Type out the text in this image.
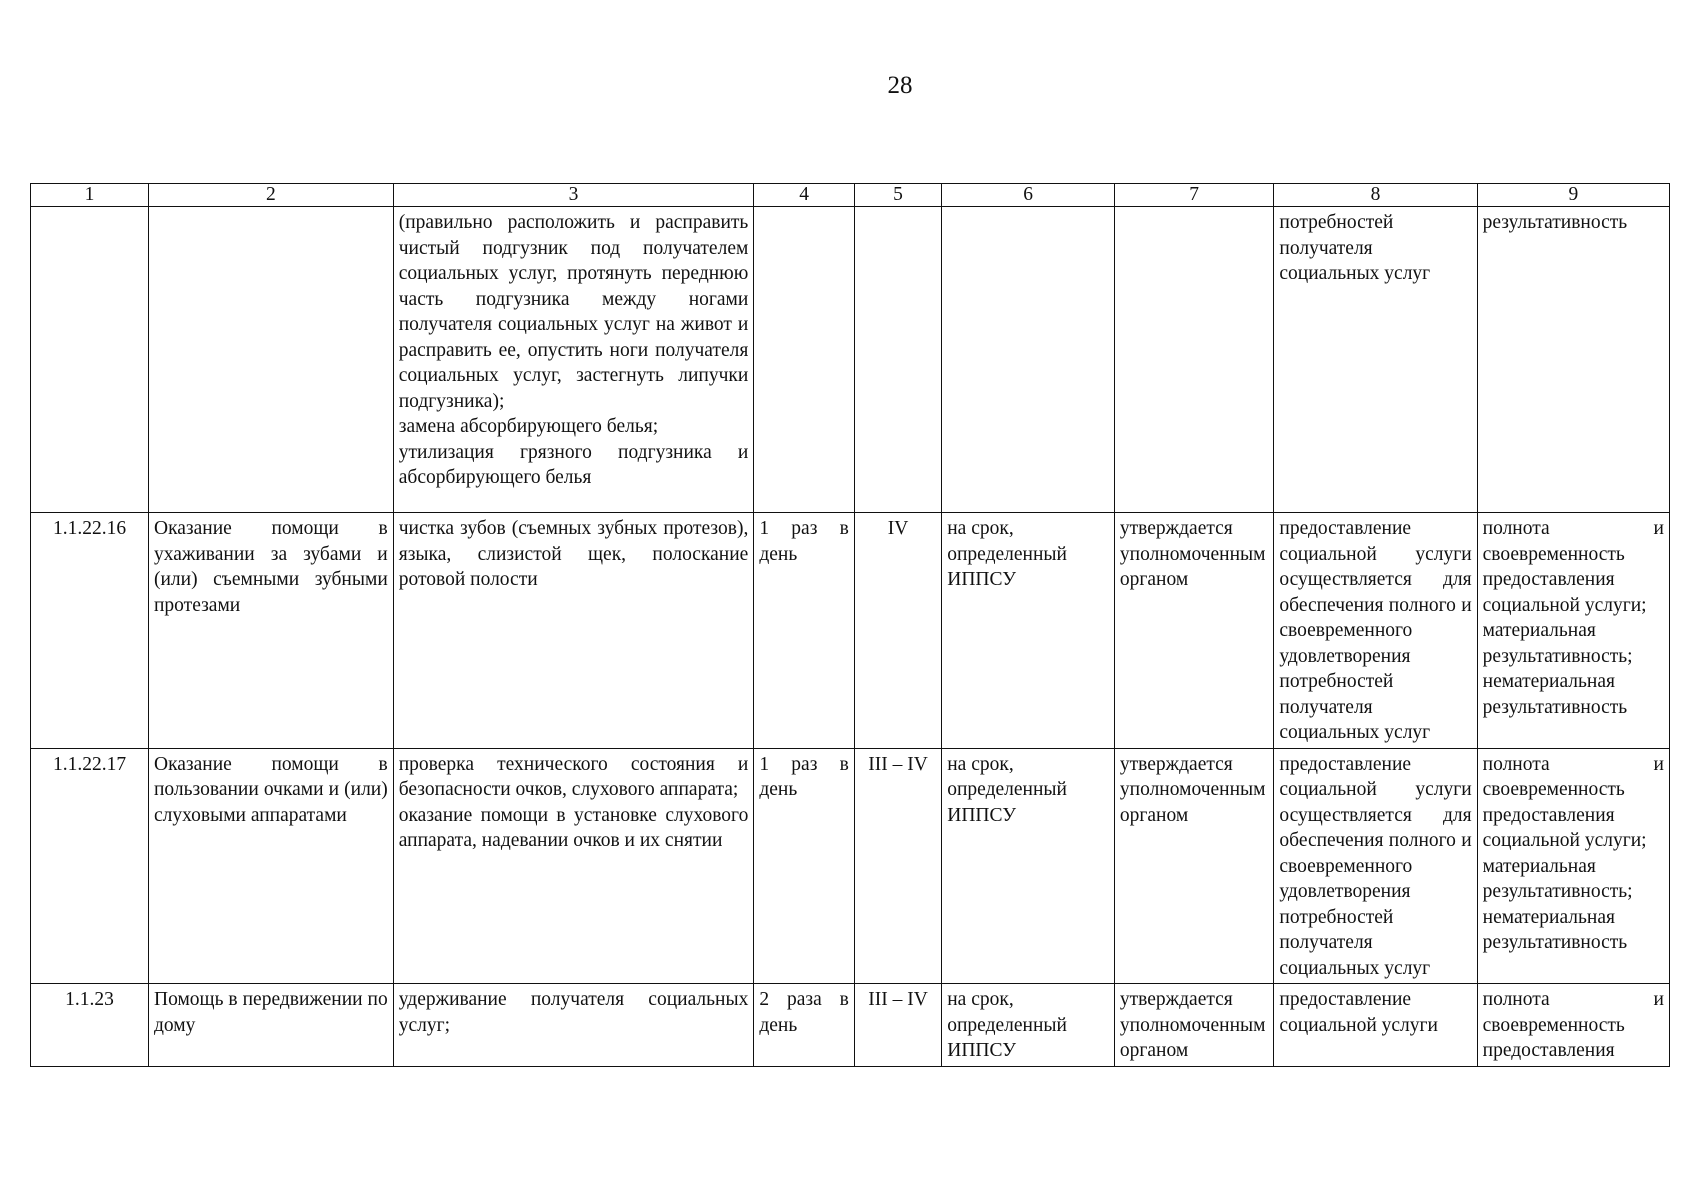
28
1	2	3	4	5	6	7	8	9
		(правильно расположить и расправить чистый подгузник под получателем социальных услуг, протянуть переднюю часть подгузника между ногами получателя социальных услуг на живот и расправить ее, опустить ноги получателя социальных услуг, застегнуть липучки подгузника);
замена абсорбирующего белья;
утилизация грязного подгузника и абсорбирующего белья					потребностей получателя социальных услуг	результативность
1.1.22.16	Оказание помощи в ухаживании за зубами и (или) съемными зубными протезами	чистка зубов (съемных зубных протезов), языка, слизистой щек, полоскание ротовой полости	1 раз в день	IV	на срок, определенный ИППСУ	утверждается уполномоченным органом	предоставление социальной услуги осуществляется для обеспечения полного и своевременного удовлетворения потребностей получателя социальных услуг	полнота и своевременность предоставления социальной услуги;
материальная результативность;
нематериальная результативность
1.1.22.17	Оказание помощи в пользовании очками и (или) слуховыми аппаратами	проверка технического состояния и безопасности очков, слухового аппарата;
оказание помощи в установке слухового аппарата, надевании очков и их снятии	1 раз в день	III – IV	на срок, определенный ИППСУ	утверждается уполномоченным органом	предоставление социальной услуги осуществляется для обеспечения полного и своевременного удовлетворения потребностей получателя социальных услуг	полнота и своевременность предоставления социальной услуги;
материальная результативность;
нематериальная результативность
1.1.23	Помощь в передвижении по дому	удерживание получателя социальных услуг;	2 раза в день	III – IV	на срок, определенный ИППСУ	утверждается уполномоченным органом	предоставление социальной услуги	полнота и своевременность предоставления
